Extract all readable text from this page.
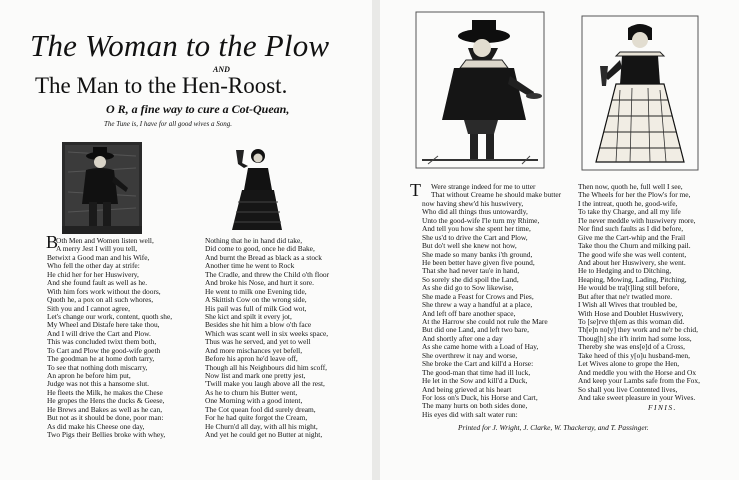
The Woman to the Plow
AND
The Man to the Hen-Roost.
O R, a fine way to cure a Cot-Quean,
The Tune is, I have for all good wives a Song.
B
Oth Men and Women listen well,
A merry Jest I will you tell,
Betwixt a Good man and his Wife,
Who fell the other day at strife:
He chid her for her Huswivery,
And she found fault as well as he.
With him fors work without the doors,
Quoth he, a pox on all such whores,
Sith you and I cannot agree,
Let's change our work, content, quoth she,
My Wheel and Distafe here take thou,
And I will drive the Cart and Plow.
This was concluded twixt them both,
To Cart and Plow the good-wife goeth
The goodman he at home doth tarry,
To see that nothing doth miscarry,
An apron he before him put,
Judge was not this a hansome slut.
He fleets the Milk, he makes the Chese
He gropes the Hens the ducks & Geese,
He Brews and Bakes as well as he can,
But not as it should be done, poor man:
As did make his Cheese one day,
Two Pigs their Bellies broke with whey,
Nothing that he in hand did take,
Did come to good, once he did Bake,
And burnt the Bread as black as a stock
Another time he went to Rock
The Cradle, and threw the Child o'th floor
And broke his Nose, and hurt it sore.
He went to milk one Evening tide,
A Skittish Cow on the wrong side,
His pail was full of milk God wot,
She kict and spilt it every jot,
Besides she hit him a blow o'th face
Which was scant well in six weeks space,
Thus was he served, and yet to well
And more mischances yet befell,
Before his apron he'd leave off,
Though all his Neighbours did him scoff,
Now list and mark one pretty jest,
'Twill make you laugh above all the rest,
As he to churn his Butter went,
One Morning with a good intent,
The Cot quean fool did surely dream,
For he had quite forgot the Cream,
He Churn'd all day, with all his might,
And yet he could get no Butter at night,
T	Were strange indeed for me to utter
That without Creame he should make butter
now having shew'd his huswivery,
Who did all things thus untowardly,
Unto the good-wife I'le turn my Rhime,
And tell you how she spent her time,
She us'd to drive the Cart and Plow,
But do't well she knew not how,
She made so many banks i'th ground,
He been better have given five pound,
That she had never tau'e in hand,
So sorely she did spoil the Land,
As she did go to Sow likewise,
She made a Feast for Crows and Pies,
She threw a way a handful at a place,
And left off bare another space,
At the Harrow she could not rule the Mare
But did one Land, and left two bare,
And shortly after one a day
As she came home with a Load of Hay,
She overthrew it nay and worse,
She broke the Cart and kill'd a Horse:
The good-man that time had ill luck,
He let in the Sow and kill'd a Duck,
And being grieved at his heart
For loss on's Duck, his Horse and Cart,
The many hurts on both sides done,
His eyes did with salt water run:
Then now, quoth he, full well I see,
The Wheels for her the Plow's for me,
I the intreat, quoth he, good-wife,
To take thy Charge, and all my life
I'le never meddle with huswivery more,
Nor find such faults as I did before,
Give me the Cart-whip and the Frail
Take thou the Churn and milking pail.
The good wife she was well content,
And about her Huswivery, she went.
He to Hedging and to Ditching,
Heaping, Mowing, Lading, Pitching,
He would be tra[t]ling still before,
But after that ne'r twatled more.
I Wish all Wives that troubled be,
With Hose and Doublet Huswivery,
To [se]rve th[em as this woman did.
Th[e]n no[y] they work and ne'r be chid,
Thoug[h] she it'h inrim had some loss,
Thereby she was ens[e]d of a Cross,
Take heed of this y[o]u husband-men,
Let Wives alone to grope the Hen,
And meddle you with the Horse and Ox
And keep your Lambs safe from the Fox,
So shall you live Contented lives,
And take sweet pleasure in your Wives.
FINIS.
Printed for J. Wright, J. Clarke, W. Thackeray, and T. Passinger.
